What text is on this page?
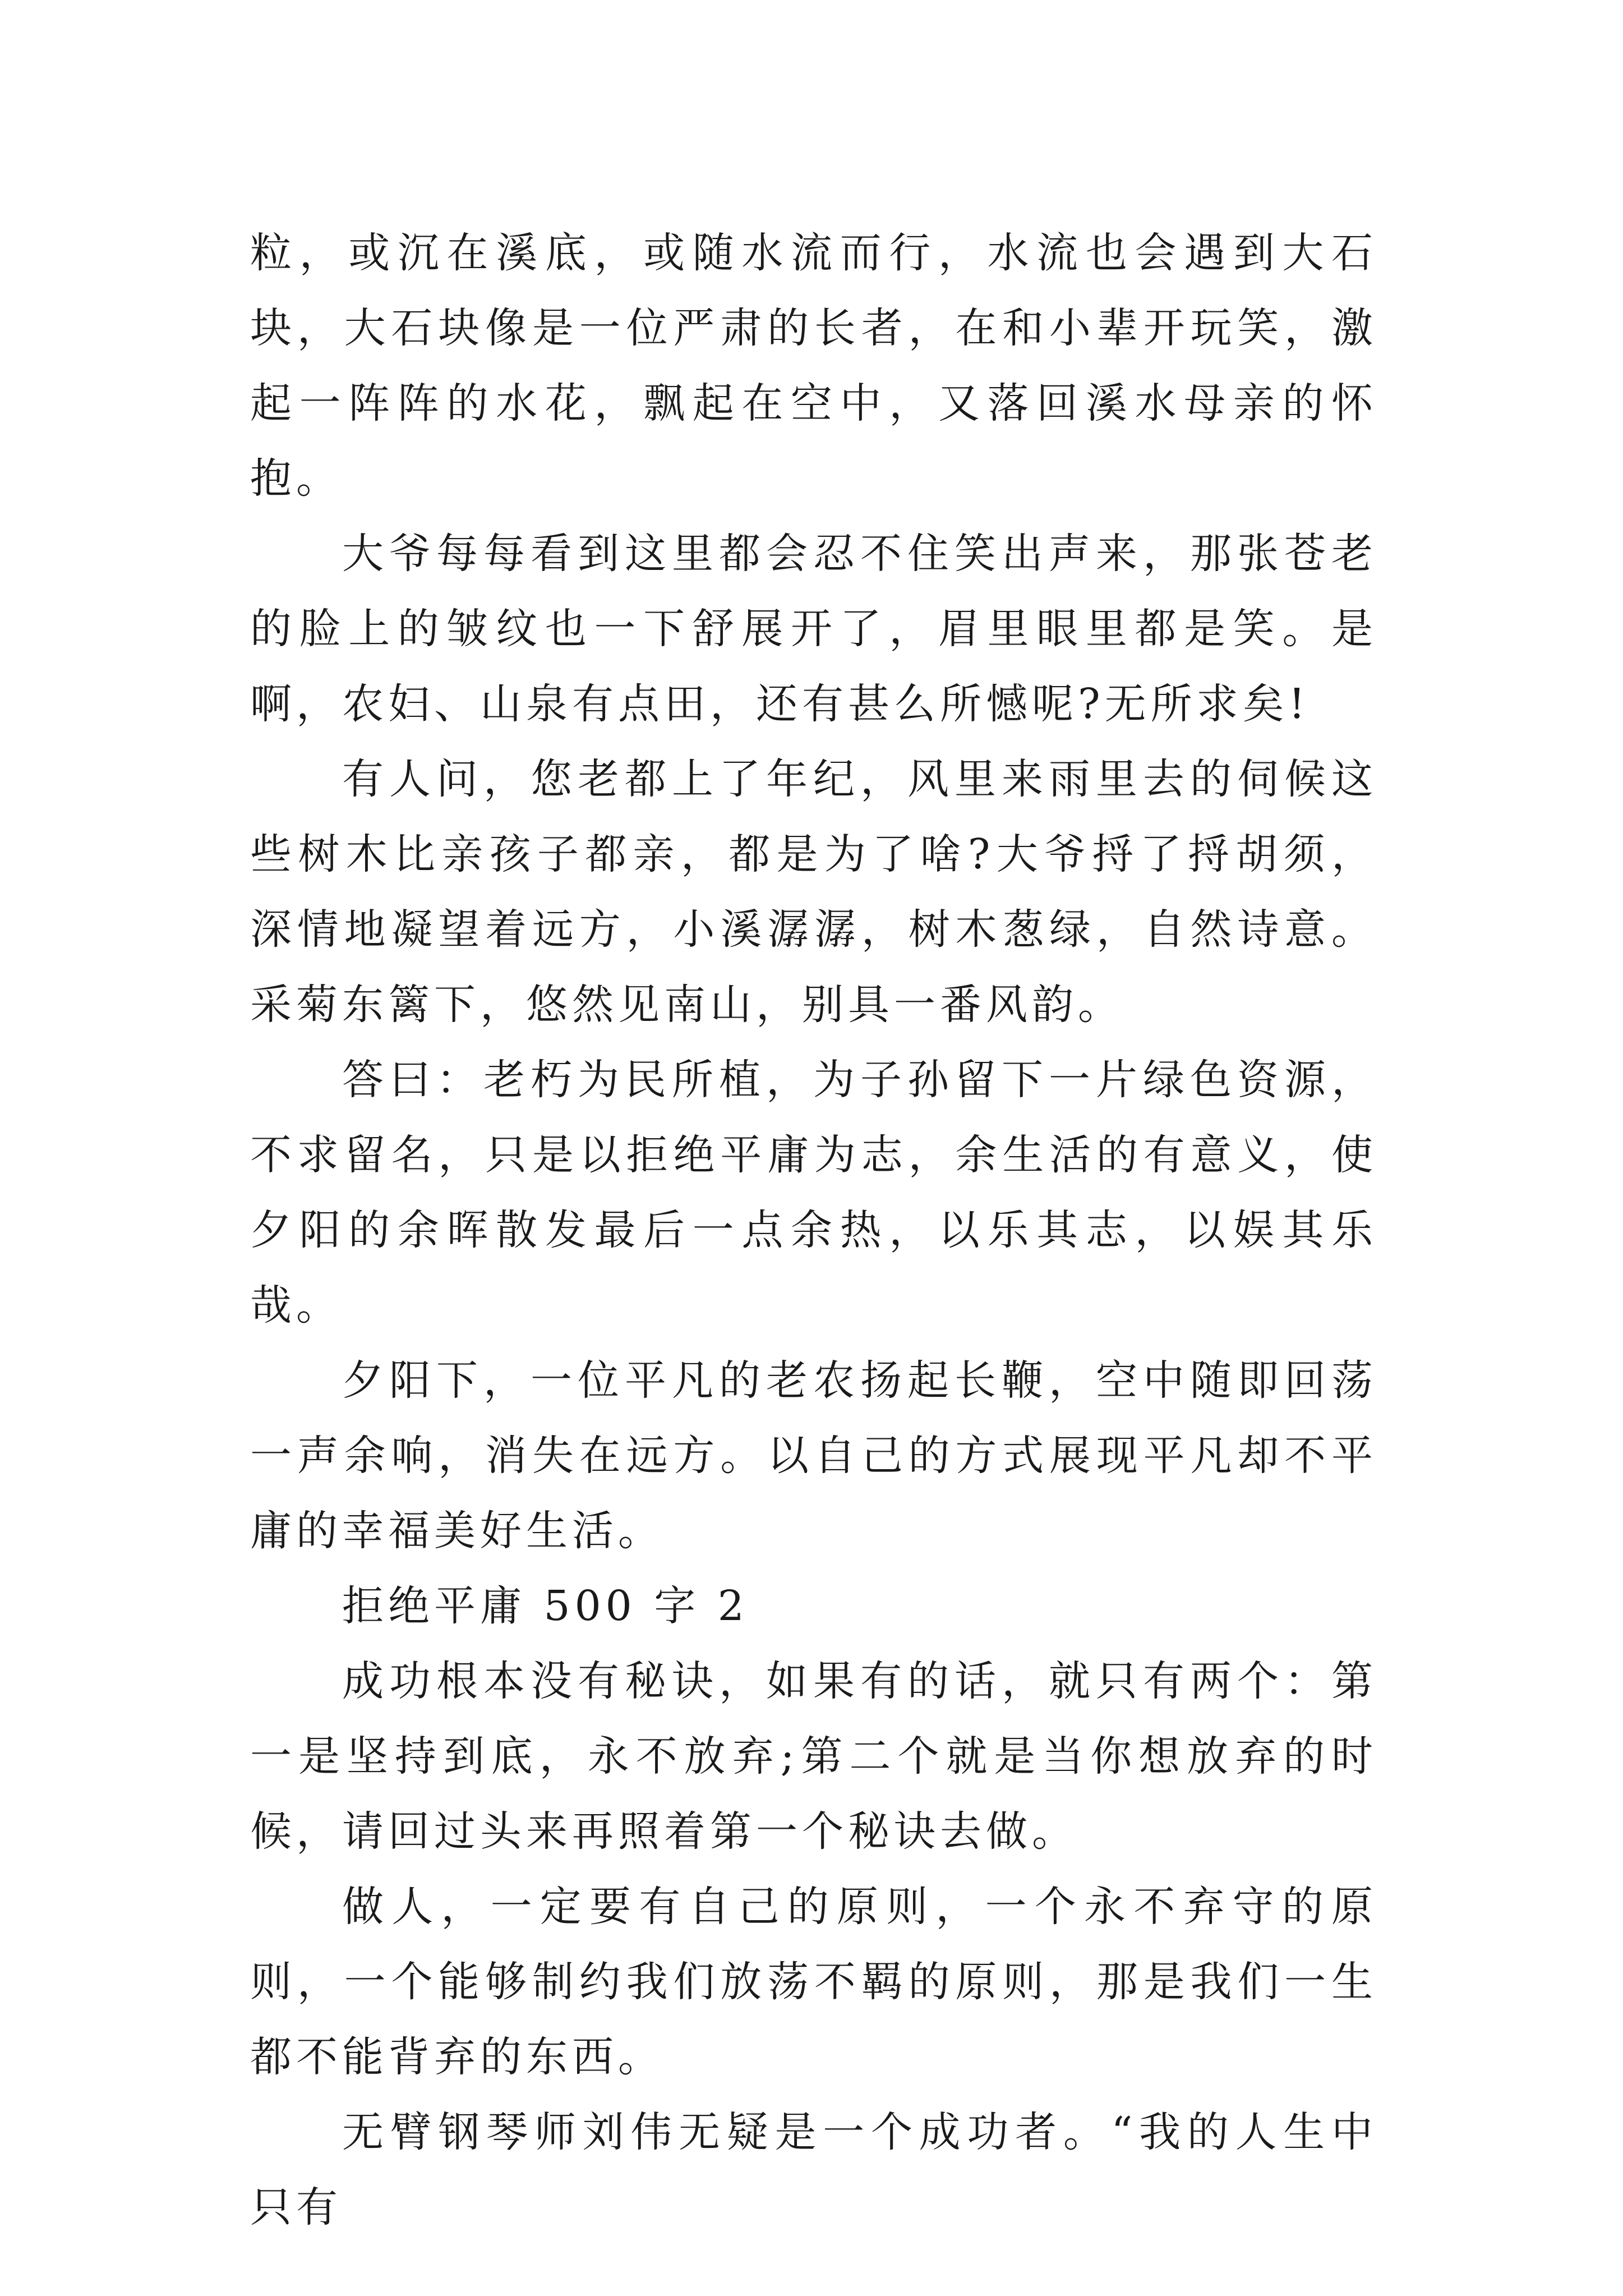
粒，或沉在溪底，或随水流而行，水流也会遇到大石块，大石块像是一位严肃的长者，在和小辈开玩笑，激起一阵阵的水花，飘起在空中，又落回溪水母亲的怀抱。

大爷每每看到这里都会忍不住笑出声来，那张苍老的脸上的皱纹也一下舒展开了，眉里眼里都是笑。是啊，农妇、山泉有点田，还有甚么所憾呢?无所求矣!

有人问，您老都上了年纪，风里来雨里去的伺候这些树木比亲孩子都亲，都是为了啥?大爷捋了捋胡须，深情地凝望着远方，小溪潺潺，树木葱绿，自然诗意。采菊东篱下，悠然见南山，别具一番风韵。

答曰：老朽为民所植，为子孙留下一片绿色资源，不求留名，只是以拒绝平庸为志，余生活的有意义，使夕阳的余晖散发最后一点余热，以乐其志，以娱其乐哉。

夕阳下，一位平凡的老农扬起长鞭，空中随即回荡一声余响，消失在远方。以自己的方式展现平凡却不平庸的幸福美好生活。

拒绝平庸 500 字 2

成功根本没有秘诀，如果有的话，就只有两个：第一是坚持到底，永不放弃;第二个就是当你想放弃的时候，请回过头来再照着第一个秘诀去做。

做人，一定要有自己的原则，一个永不弃守的原则，一个能够制约我们放荡不羁的原则，那是我们一生都不能背弃的东西。

无臂钢琴师刘伟无疑是一个成功者。“我的人生中只有
